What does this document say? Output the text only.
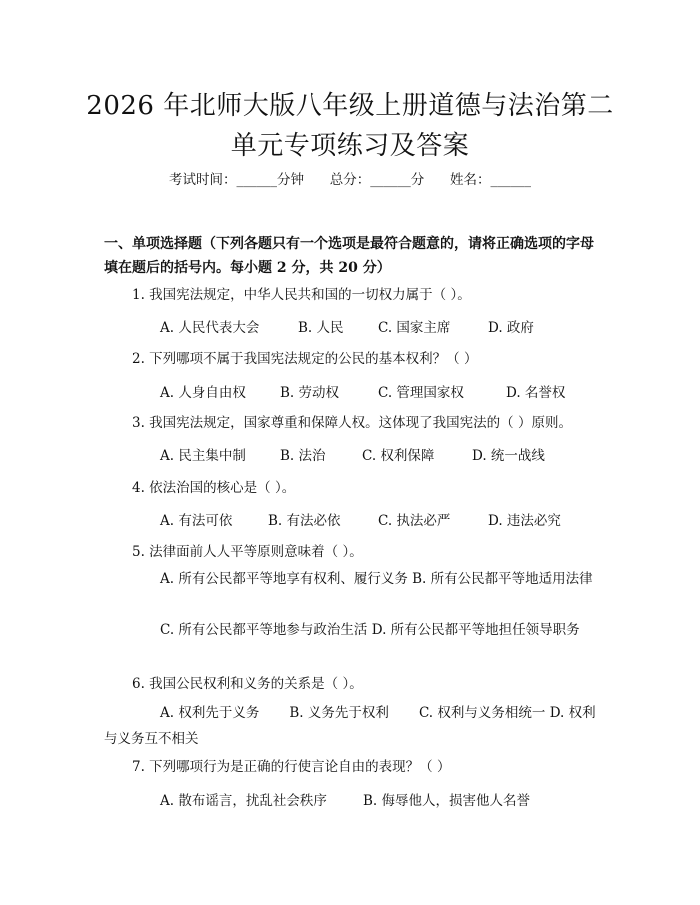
2026 年北师大版八年级上册道德与法治第二单元专项练习及答案
考试时间：______分钟 总分：______分 姓名：______
一、单项选择题（下列各题只有一个选项是最符合题意的，请将正确选项的字母填在题后的括号内。每小题 2 分，共 20 分）
1. 我国宪法规定，中华人民共和国的一切权力属于（ ）。
A. 人民代表大会	B. 人民	C. 国家主席	D. 政府
2. 下列哪项不属于我国宪法规定的公民的基本权利？（ ）
A. 人身自由权	B. 劳动权	C. 管理国家权	D. 名誉权
3. 我国宪法规定，国家尊重和保障人权。这体现了我国宪法的（ ）原则。
A. 民主集中制	B. 法治	C. 权利保障	D. 统一战线
4. 依法治国的核心是（ ）。
A. 有法可依	B. 有法必依	C. 执法必严	D. 违法必究
5. 法律面前人人平等原则意味着（ ）。
A. 所有公民都平等地享有权利、履行义务 B. 所有公民都平等地适用法律
C. 所有公民都平等地参与政治生活 D. 所有公民都平等地担任领导职务
6. 我国公民权利和义务的关系是（ ）。
A. 权利先于义务 B. 义务先于权利 C. 权利与义务相统一 D. 权利与义务互不相关
7. 下列哪项行为是正确的行使言论自由的表现？（ ）
A. 散布谣言，扰乱社会秩序	B. 侮辱他人，损害他人名誉
